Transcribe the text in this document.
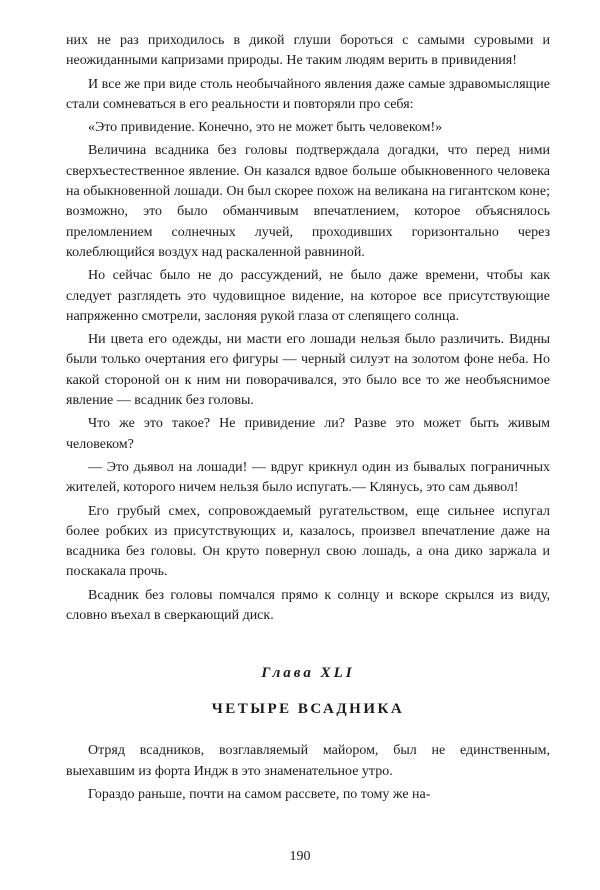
них не раз приходилось в дикой глуши бороться с самыми суровыми и неожиданными капризами природы. Не таким людям верить в привидения!

И все же при виде столь необычайного явления даже самые здравомыслящие стали сомневаться в его реальности и повторяли про себя:

«Это привидение. Конечно, это не может быть человеком!»

Величина всадника без головы подтверждала догадки, что перед ними сверхъестественное явление. Он казался вдвое больше обыкновенного человека на обыкновенной лошади. Он был скорее похож на великана на гигантском коне; возможно, это было обманчивым впечатлением, которое объяснялось преломлением солнечных лучей, проходивших горизонтально через колеблющийся воздух над раскаленной равниной.

Но сейчас было не до рассуждений, не было даже времени, чтобы как следует разглядеть это чудовищное видение, на которое все присутствующие напряженно смотрели, заслоняя рукой глаза от слепящего солнца.

Ни цвета его одежды, ни масти его лошади нельзя было различить. Видны были только очертания его фигуры — черный силуэт на золотом фоне неба. Но какой стороной он к ним ни поворачивался, это было все то же необъяснимое явление — всадник без головы.

Что же это такое? Не привидение ли? Разве это может быть живым человеком?

— Это дьявол на лошади! — вдруг крикнул один из бывалых пограничных жителей, которого ничем нельзя было испугать.— Клянусь, это сам дьявол!

Его грубый смех, сопровождаемый ругательством, еще сильнее испугал более робких из присутствующих и, казалось, произвел впечатление даже на всадника без головы. Он круто повернул свою лошадь, а она дико заржала и поскакала прочь.

Всадник без головы помчался прямо к солнцу и вскоре скрылся из виду, словно въехал в сверкающий диск.

Глава XLI
ЧЕТЫРЕ ВСАДНИКА

Отряд всадников, возглавляемый майором, был не единственным, выехавшим из форта Индж в это знаменательное утро.

Гораздо раньше, почти на самом рассвете, по тому же на-

190
